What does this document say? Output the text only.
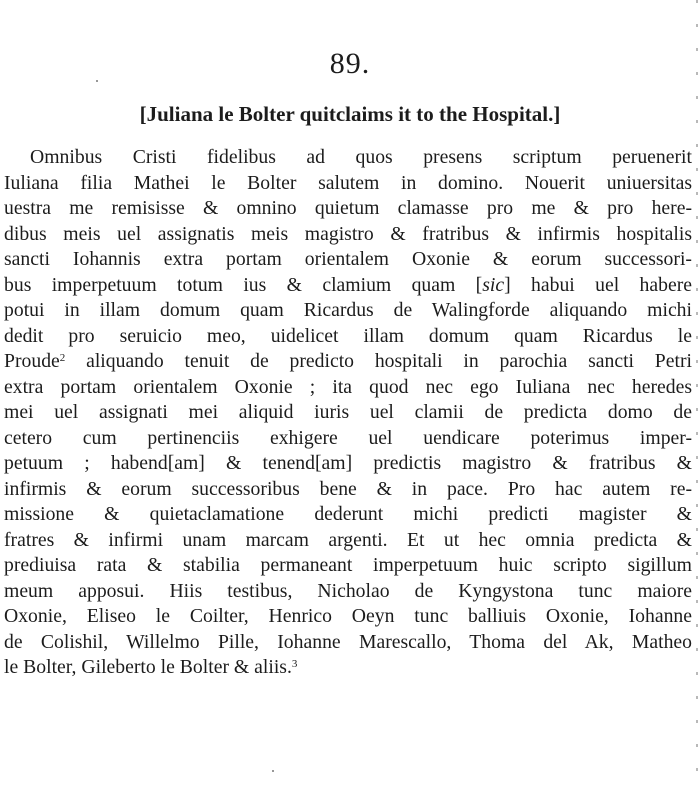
89.
[Juliana le Bolter quitclaims it to the Hospital.]
Omnibus Cristi fidelibus ad quos presens scriptum peruenerit
Iuliana filia Mathei le Bolter salutem in domino. Nouerit uniuersitas
uestra me remisisse & omnino quietum clamasse pro me & pro here-
dibus meis uel assignatis meis magistro & fratribus & infirmis hospitalis
sancti Iohannis extra portam orientalem Oxonie & eorum successori-
bus imperpetuum totum ius & clamium quam [sic] habui uel habere
potui in illam domum quam Ricardus de Walingforde aliquando michi
dedit pro seruicio meo, uidelicet illam domum quam Ricardus le
Proude$^2$ aliquando tenuit de predicto hospitali in parochia sancti Petri
extra portam orientalem Oxonie ; ita quod nec ego Iuliana nec heredes
mei uel assignati mei aliquid iuris uel clamii de predicta domo de
cetero cum pertinenciis exhigere uel uendicare poterimus imper-
petuum ; habend[am] & tenend[am] predictis magistro & fratribus &
infirmis & eorum successoribus bene & in pace. Pro hac autem re-
missione & quietaclamatione dederunt michi predicti magister &
fratres & infirmi unam marcam argenti. Et ut hec omnia predicta &
prediuisa rata & stabilia permaneant imperpetuum huic scripto sigillum
meum apposui. Hiis testibus, Nicholao de Kyngystona tunc maiore
Oxonie, Eliseo le Coilter, Henrico Oeyn tunc balliuis Oxonie, Iohanne
de Colishil, Willelmo Pille, Iohanne Marescallo, Thoma del Ak, Matheo
le Bolter, Gileberto le Bolter & aliis.$^3$
